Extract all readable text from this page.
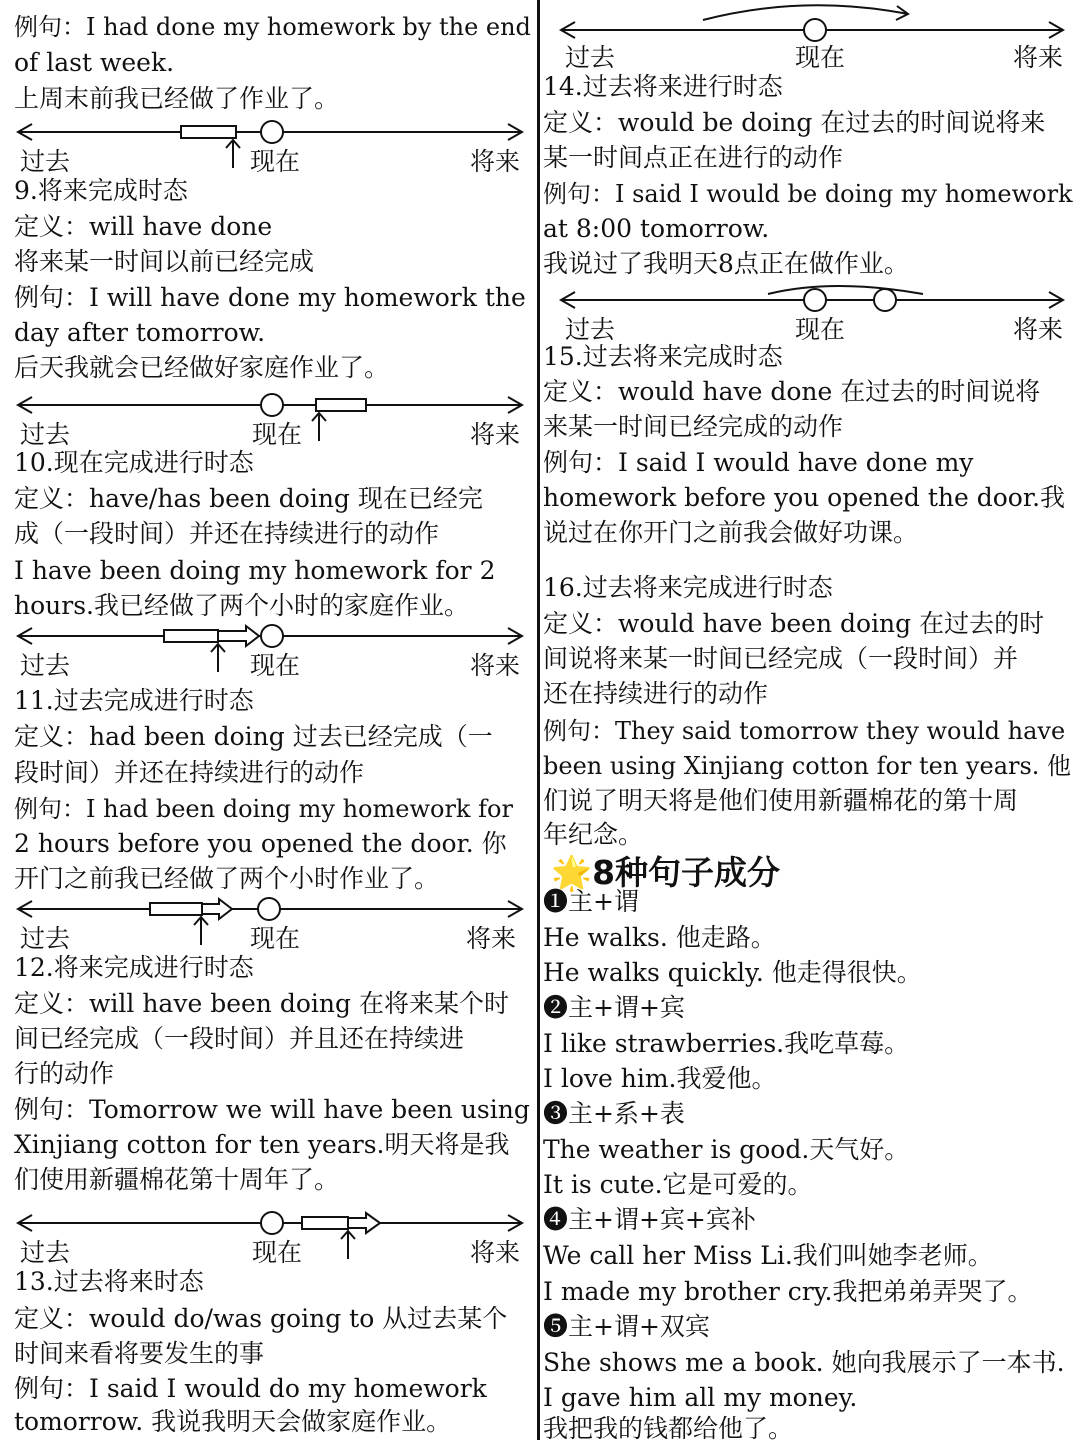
例句：I had done my homework by the end
of last week.
上周末前我已经做了作业了。
过去	现在	将来
9.将来完成时态
定义：will have done
将来某一时间以前已经完成
例句：I will have done my homework the
day after tomorrow.
后天我就会已经做好家庭作业了。
过去	现在	将来
10.现在完成进行时态
定义：have/has been doing 现在已经完
成（一段时间）并还在持续进行的动作
I have been doing my homework for 2
hours.我已经做了两个小时的家庭作业。
过去	现在	将来
11.过去完成进行时态
定义：had been doing 过去已经完成（一
段时间）并还在持续进行的动作
例句：I had been doing my homework for
2 hours before you opened the door. 你
开门之前我已经做了两个小时作业了。
过去	现在	将来
12.将来完成进行时态
定义：will have been doing 在将来某个时
间已经完成（一段时间）并且还在持续进
行的动作
例句：Tomorrow we will have been using
Xinjiang cotton for ten years.明天将是我
们使用新疆棉花第十周年了。
过去	现在	将来
13.过去将来时态
定义：would do/was going to 从过去某个
时间来看将要发生的事
例句：I said I would do my homework
tomorrow. 我说我明天会做家庭作业。
过去	现在	将来
14.过去将来进行时态
定义：would be doing 在过去的时间说将来
某一时间点正在进行的动作
例句：I said I would be doing my homework
at 8:00 tomorrow.
我说过了我明天8点正在做作业。
过去	现在	将来
15.过去将来完成时态
定义：would have done 在过去的时间说将
来某一时间已经完成的动作
例句：I said I would have done my
homework before you opened the door.我
说过在你开门之前我会做好功课。
16.过去将来完成进行时态
定义：would have been doing 在过去的时
间说将来某一时间已经完成（一段时间）并
还在持续进行的动作
例句：They said tomorrow they would have
been using Xinjiang cotton for ten years. 他
们说了明天将是他们使用新疆棉花的第十周
年纪念。
🌟8种句子成分
❶主+谓
He walks. 他走路。
He walks quickly. 他走得很快。
❷主+谓+宾
I like strawberries.我吃草莓。
I love him.我爱他。
❸主+系+表
The weather is good.天气好。
It is cute.它是可爱的。
❹主+谓+宾+宾补
We call her Miss Li.我们叫她李老师。
I made my brother cry.我把弟弟弄哭了。
❺主+谓+双宾
She shows me a book. 她向我展示了一本书.
I gave him all my money.
我把我的钱都给他了。
